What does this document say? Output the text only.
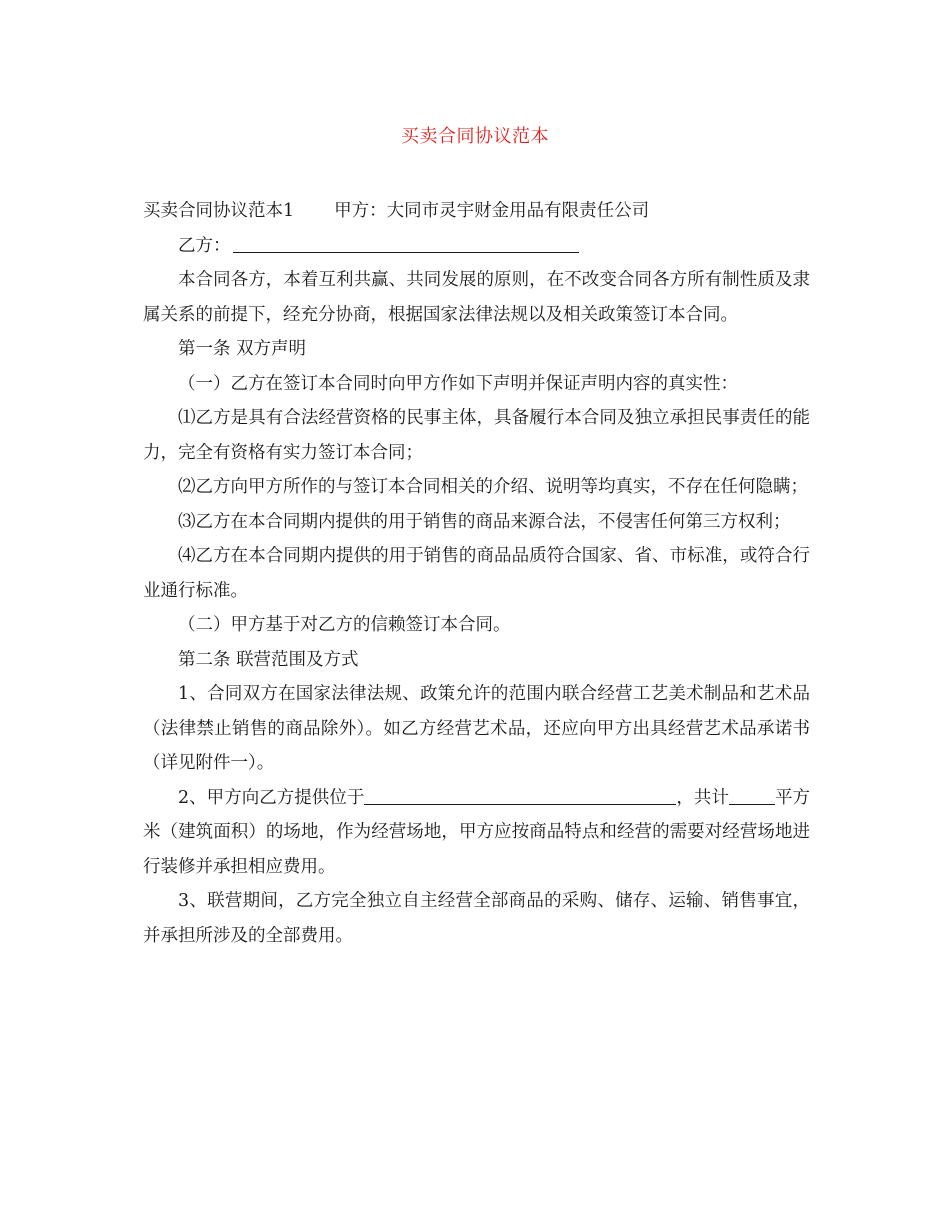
买卖合同协议范本

买卖合同协议范本1 甲方：大同市灵宇财金用品有限责任公司

乙方：

本合同各方，本着互利共赢、共同发展的原则，在不改变合同各方所有制性质及隶属关系的前提下，经充分协商，根据国家法律法规以及相关政策签订本合同。

第一条 双方声明

（一）乙方在签订本合同时向甲方作如下声明并保证声明内容的真实性：

⑴乙方是具有合法经营资格的民事主体，具备履行本合同及独立承担民事责任的能力，完全有资格有实力签订本合同；

⑵乙方向甲方所作的与签订本合同相关的介绍、说明等均真实，不存在任何隐瞒；

⑶乙方在本合同期内提供的用于销售的商品来源合法，不侵害任何第三方权利；

⑷乙方在本合同期内提供的用于销售的商品品质符合国家、省、市标准，或符合行业通行标准。

（二）甲方基于对乙方的信赖签订本合同。

第二条 联营范围及方式

1、合同双方在国家法律法规、政策允许的范围内联合经营工艺美术制品和艺术品（法律禁止销售的商品除外）。如乙方经营艺术品，还应向甲方出具经营艺术品承诺书（详见附件一）。

2、甲方向乙方提供位于	，共计	平方米（建筑面积）的场地，作为经营场地，甲方应按商品特点和经营的需要对经营场地进行装修并承担相应费用。

3、联营期间，乙方完全独立自主经营全部商品的采购、储存、运输、销售事宜，并承担所涉及的全部费用。
